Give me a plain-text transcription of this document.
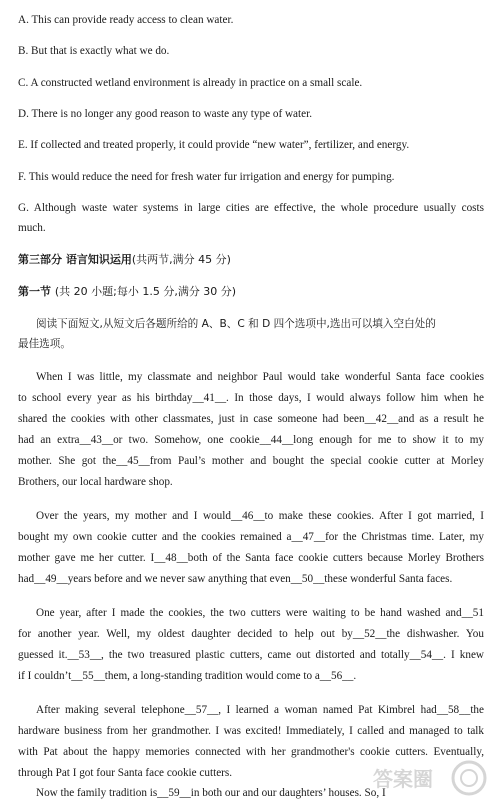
A. This can provide ready access to clean water.
B. But that is exactly what we do.
C. A constructed wetland environment is already in practice on a small scale.
D. There is no longer any good reason to waste any type of water.
E. If collected and treated properly, it could provide “new water”, fertilizer, and energy.
F. This would reduce the need for fresh water fur irrigation and energy for pumping.
G. Although waste water systems in large cities are effective, the whole procedure usually costs
much.
第三部分 语言知识运用(共两节,满分 45 分)
第一节 (共 20 小题;每小 1.5 分,满分 30 分)
阅读下面短文,从短文后各题所给的 A、B、C 和 D 四个选项中,选出可以填入空白处的
最佳选项。
When I was little, my classmate and neighbor Paul would take wonderful Santa face cookies
to school every year as his birthday__41__. In those days, I would always follow him when he
shared the cookies with other classmates, just in case someone had been__42__and as a result he
had an extra__43__or two. Somehow, one cookie__44__long enough for me to show it to my
mother. She got the__45__from Paul’s mother and bought the special cookie cutter at Morley
Brothers, our local hardware shop.
Over the years, my mother and I would__46__to make these cookies. After I got married, I
bought my own cookie cutter and the cookies remained a__47__for the Christmas time. Later, my
mother gave me her cutter. I__48__both of the Santa face cookie cutters because Morley Brothers
had__49__years before and we never saw anything that even__50__these wonderful Santa faces.
One year, after I made the cookies, the two cutters were waiting to be hand washed and__51
for another year. Well, my oldest daughter decided to help out by__52__the dishwasher. You
guessed it.__53__, the two treasured plastic cutters, came out distorted and totally__54__. I knew
if I couldn’t__55__them, a long-standing tradition would come to a__56__.
After making several telephone__57__, I learned a woman named Pat Kimbrel had__58__the
hardware business from her grandmother. I was excited! Immediately, I called and managed to talk
with Pat about the happy memories connected with her grandmother's cookie cutters. Eventually,
through Pat I got four Santa face cookie cutters.
Now the family tradition is__59__in both our and our daughters’ houses. So, I
答案圈
